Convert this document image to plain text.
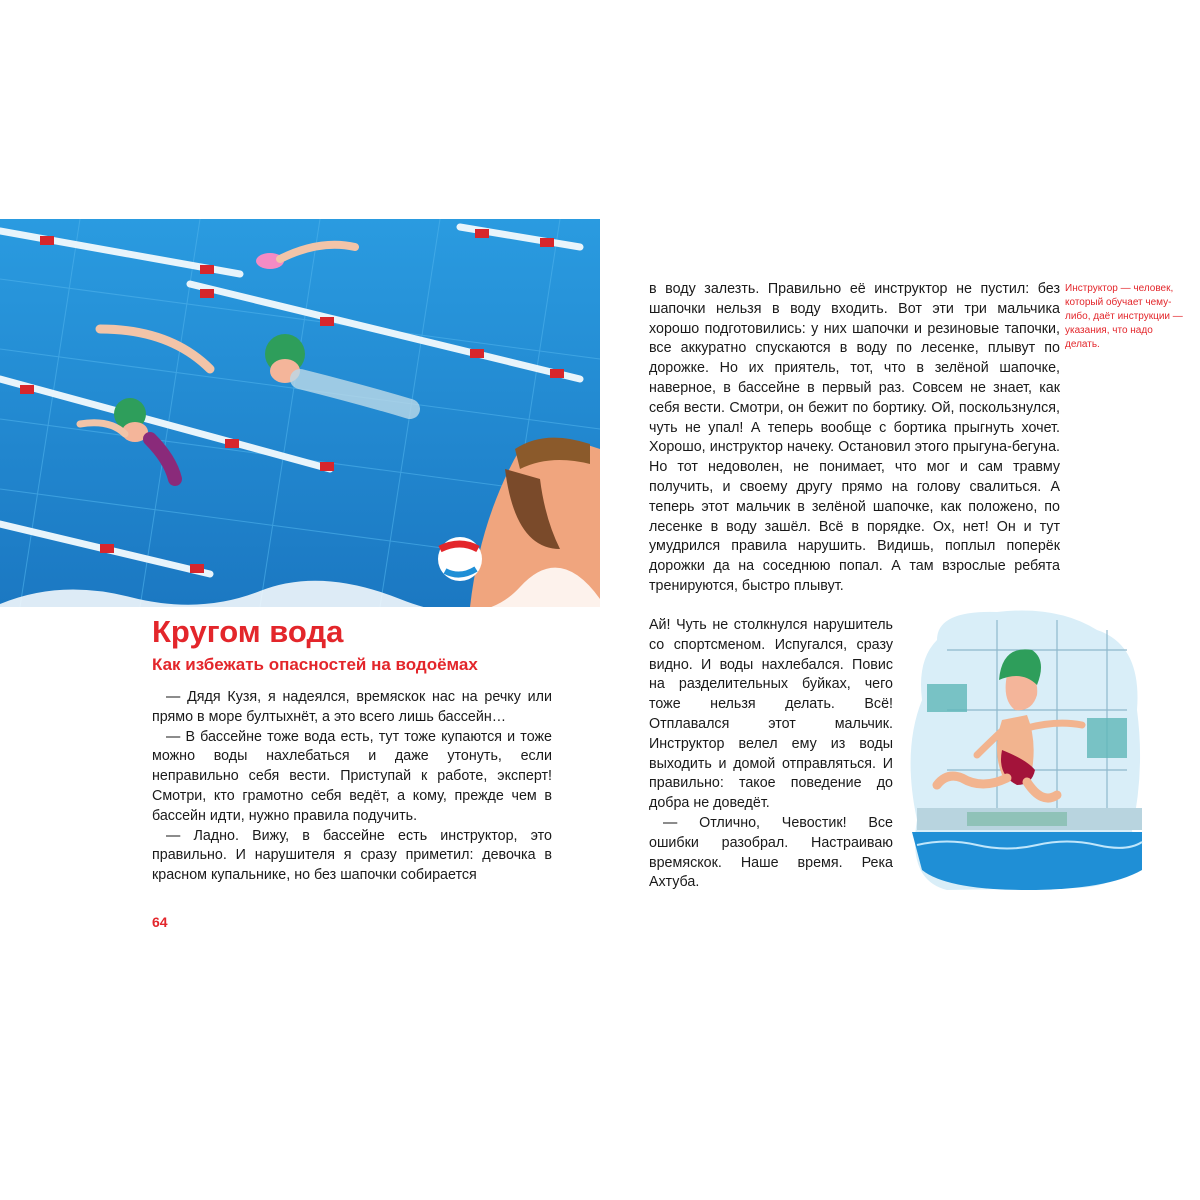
Кругом вода
Как избежать опасностей на водоёмах

— Дядя Кузя, я надеялся, времяскок нас на речку или прямо в море бултыхнёт, а это всего лишь бассейн…

— В бассейне тоже вода есть, тут тоже купаются и тоже можно воды нахлебаться и даже утонуть, если неправильно себя вести. Приступай к работе, эксперт! Смотри, кто грамотно себя ведёт, а кому, прежде чем в бассейн идти, нужно правила подучить.

— Ладно. Вижу, в бассейне есть инструктор, это правильно. И нарушителя я сразу приметил: девочка в красном купальнике, но без шапочки собирается

64

в воду залезть. Правильно её инструктор не пустил: без шапочки нельзя в воду входить. Вот эти три мальчика хорошо подготовились: у них шапочки и резиновые тапочки, все аккуратно спускаются в воду по лесенке, плывут по дорожке. Но их приятель, тот, что в зелёной шапочке, наверное, в бассейне в первый раз. Совсем не знает, как себя вести. Смотри, он бежит по бортику. Ой, поскользнулся, чуть не упал! А теперь вообще с бортика прыгнуть хочет. Хорошо, инструктор начеку. Остановил этого прыгуна-бегуна. Но тот недоволен, не понимает, что мог и сам травму получить, и своему другу прямо на голову свалиться. А теперь этот мальчик в зелёной шапочке, как положено, по лесенке в воду зашёл. Всё в порядке. Ох, нет! Он и тут умудрился правила нарушить. Видишь, поплыл поперёк дорожки да на соседнюю попал. А там взрослые ребята тренируются, быстро плывут.

Ай! Чуть не столкнулся нарушитель со спортсменом. Испугался, сразу видно. И воды нахлебался. Повис на разделительных буйках, чего тоже нельзя делать. Всё! Отплавался этот мальчик. Инструктор велел ему из воды выходить и домой отправляться. И правильно: такое поведение до добра не доведёт.

— Отлично, Чевостик! Все ошибки разобрал. Настраиваю времяскок. Наше время. Река Ахтуба.

Инструктор — человек, который обучает чему-либо, даёт инструкции — указания, что надо делать.
